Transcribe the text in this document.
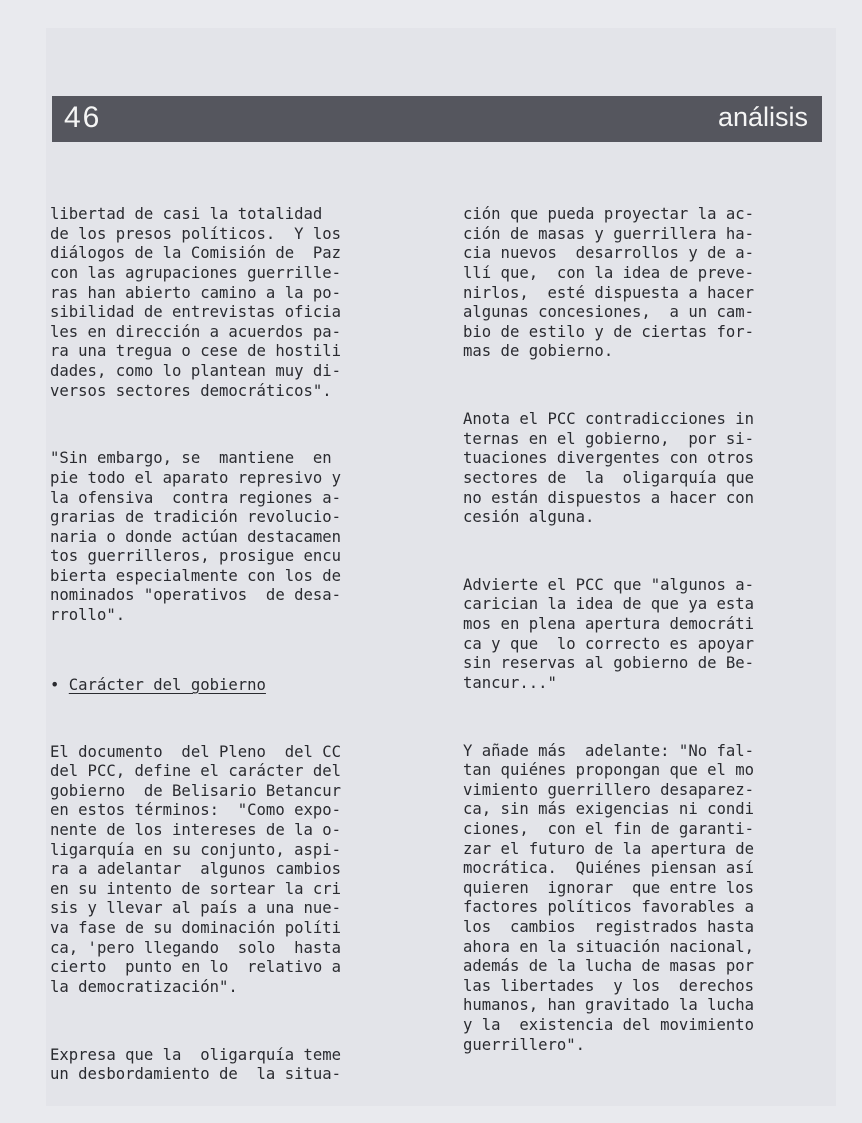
46	análisis

libertad de casi la totalidad
de los presos políticos.  Y los
diálogos de la Comisión de  Paz
con las agrupaciones guerrille-
ras han abierto camino a la po-
sibilidad de entrevistas oficia
les en dirección a acuerdos pa-
ra una tregua o cese de hostili
dades, como lo plantean muy di-
versos sectores democráticos".

"Sin embargo, se  mantiene  en
pie todo el aparato represivo y
la ofensiva  contra regiones a-
grarias de tradición revolucio-
naria o donde actúan destacamen
tos guerrilleros, prosigue encu
bierta especialmente con los de
nominados "operativos  de desa-
rrollo".

• Carácter del gobierno

El documento  del Pleno  del CC
del PCC, define el carácter del
gobierno  de Belisario Betancur
en estos términos:  "Como expo-
nente de los intereses de la o-
ligarquía en su conjunto, aspi-
ra a adelantar  algunos cambios
en su intento de sortear la cri
sis y llevar al país a una nue-
va fase de su dominación políti
ca, 'pero llegando  solo  hasta
cierto  punto en lo  relativo a
la democratización".

Expresa que la  oligarquía teme
un desbordamiento de  la situa-

ción que pueda proyectar la ac-
ción de masas y guerrillera ha-
cia nuevos  desarrollos y de a-
llí que,  con la idea de preve-
nirlos,  esté dispuesta a hacer
algunas concesiones,  a un cam-
bio de estilo y de ciertas for-
mas de gobierno.

Anota el PCC contradicciones in
ternas en el gobierno,  por si-
tuaciones divergentes con otros
sectores de  la  oligarquía que
no están dispuestos a hacer con
cesión alguna.

Advierte el PCC que "algunos a-
carician la idea de que ya esta
mos en plena apertura democráti
ca y que  lo correcto es apoyar
sin reservas al gobierno de Be-
tancur..."

Y añade más  adelante: "No fal-
tan quiénes propongan que el mo
vimiento guerrillero desaparez-
ca, sin más exigencias ni condi
ciones,  con el fin de garanti-
zar el futuro de la apertura de
mocrática.  Quiénes piensan así
quieren  ignorar  que entre los
factores políticos favorables a
los  cambios  registrados hasta
ahora en la situación nacional,
además de la lucha de masas por
las libertades  y los  derechos
humanos, han gravitado la lucha
y la  existencia del movimiento
guerrillero".
